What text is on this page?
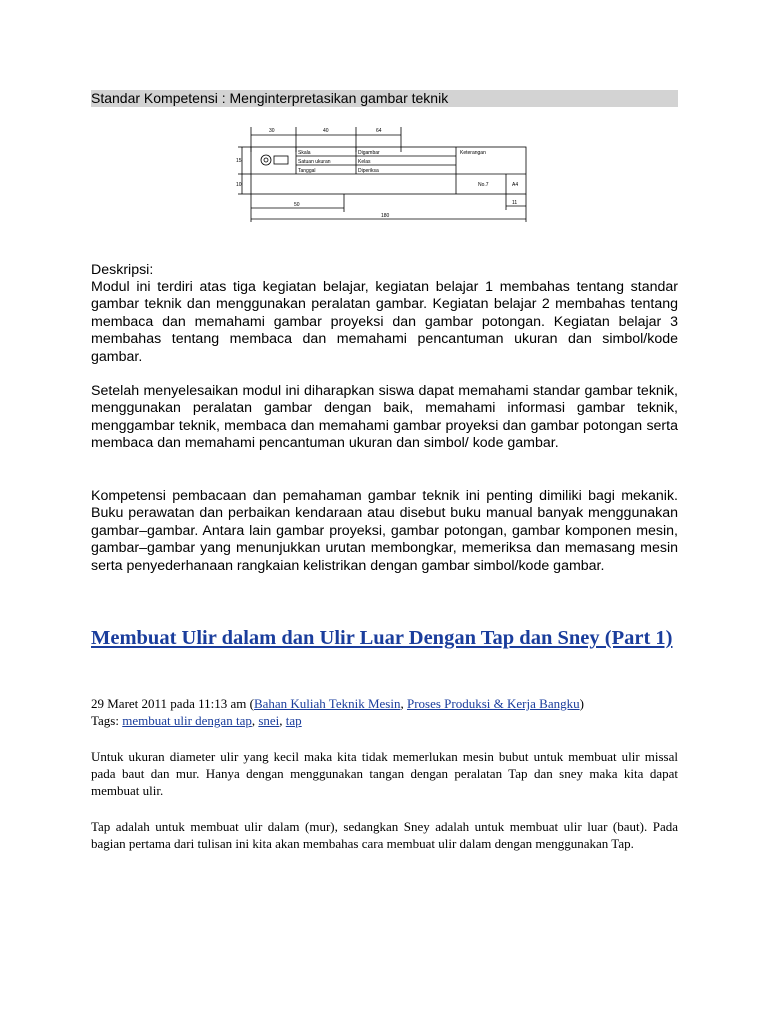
Standar Kompetensi : Menginterpretasikan gambar teknik
30	40	64
15
10
50	11
180
Skala	Digambar
Satuan ukuran	Kelas
Tanggal	Diperiksa
Keterangan
No.7	A4
Deskripsi:

Modul ini terdiri atas tiga kegiatan belajar, kegiatan belajar 1 membahas tentang standar gambar teknik dan menggunakan peralatan gambar. Kegiatan belajar 2 membahas tentang membaca dan memahami gambar proyeksi dan gambar potongan. Kegiatan belajar 3 membahas tentang membaca dan memahami pencantuman ukuran dan simbol/kode gambar.

Setelah menyelesaikan modul ini diharapkan siswa dapat memahami standar gambar teknik, menggunakan peralatan gambar dengan baik, memahami informasi gambar teknik, menggambar teknik, membaca dan memahami gambar proyeksi dan gambar potongan serta membaca dan memahami pencantuman ukuran dan simbol/ kode gambar.

Kompetensi pembacaan dan pemahaman gambar teknik ini penting dimiliki bagi mekanik. Buku perawatan dan perbaikan kendaraan atau disebut buku manual banyak menggunakan gambar–gambar. Antara lain gambar proyeksi, gambar potongan, gambar komponen mesin, gambar–gambar yang menunjukkan urutan membongkar, memeriksa dan memasang mesin serta penyederhanaan rangkaian kelistrikan dengan gambar simbol/kode gambar.

Membuat Ulir dalam dan Ulir Luar Dengan Tap dan Sney (Part 1)
29 Maret 2011 pada 11:13 am (Bahan Kuliah Teknik Mesin, Proses Produksi & Kerja Bangku)
Tags: membuat ulir dengan tap, snei, tap

Untuk ukuran diameter ulir yang kecil maka kita tidak memerlukan mesin bubut untuk membuat ulir missal pada baut dan mur. Hanya dengan menggunakan tangan dengan peralatan Tap dan sney maka kita dapat membuat ulir.

Tap adalah untuk membuat ulir dalam (mur), sedangkan Sney adalah untuk membuat ulir luar (baut). Pada bagian pertama dari tulisan ini kita akan membahas cara membuat ulir dalam dengan menggunakan Tap.
